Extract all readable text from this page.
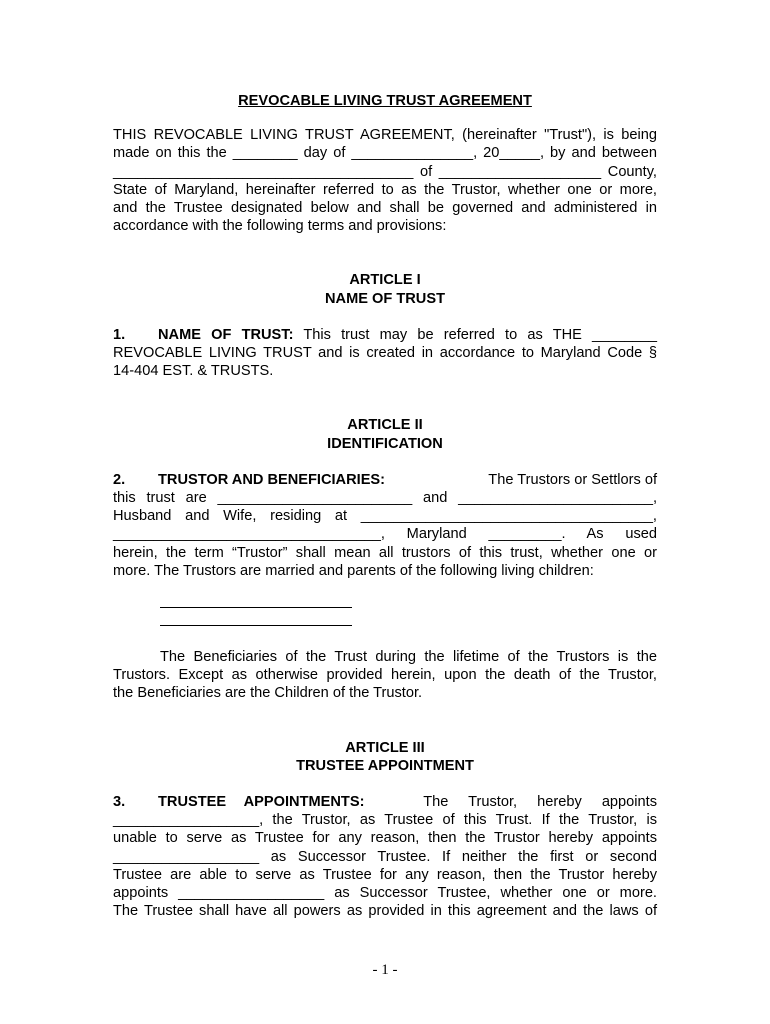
REVOCABLE LIVING TRUST AGREEMENT

THIS REVOCABLE LIVING TRUST AGREEMENT, (hereinafter "Trust"), is being
made on this the ________ day of _______________, 20_____, by and between
_____________________________________ of ____________________ County,
State of Maryland, hereinafter referred to as the Trustor, whether one or more,
and the Trustee designated below and shall be governed and administered in
accordance with the following terms and provisions:

ARTICLE I

NAME OF TRUST

1. NAME OF TRUST: This trust may be referred to as THE ________
REVOCABLE LIVING TRUST and is created in accordance to Maryland Code §
14-404 EST. & TRUSTS.

ARTICLE II

IDENTIFICATION

2. TRUSTOR AND BENEFICIARIES:	The Trustors or Settlors of
this trust are ________________________ and ________________________,
Husband and Wife, residing at ____________________________________,
_________________________________, Maryland _________. As used
herein, the term “Trustor” shall mean all trustors of this trust, whether one or
more. The Trustors are married and parents of the following living children:
The Beneficiaries of the Trust during the lifetime of the Trustors is the
Trustors. Except as otherwise provided herein, upon the death of the Trustor,
the Beneficiaries are the Children of the Trustor.

ARTICLE III

TRUSTEE APPOINTMENT

3. TRUSTEE APPOINTMENTS:	The Trustor, hereby appoints
__________________, the Trustor, as Trustee of this Trust. If the Trustor, is
unable to serve as Trustee for any reason, then the Trustor hereby appoints
__________________ as Successor Trustee. If neither the first or second
Trustee are able to serve as Trustee for any reason, then the Trustor hereby
appoints __________________ as Successor Trustee, whether one or more.
The Trustee shall have all powers as provided in this agreement and the laws of
- 1 -
